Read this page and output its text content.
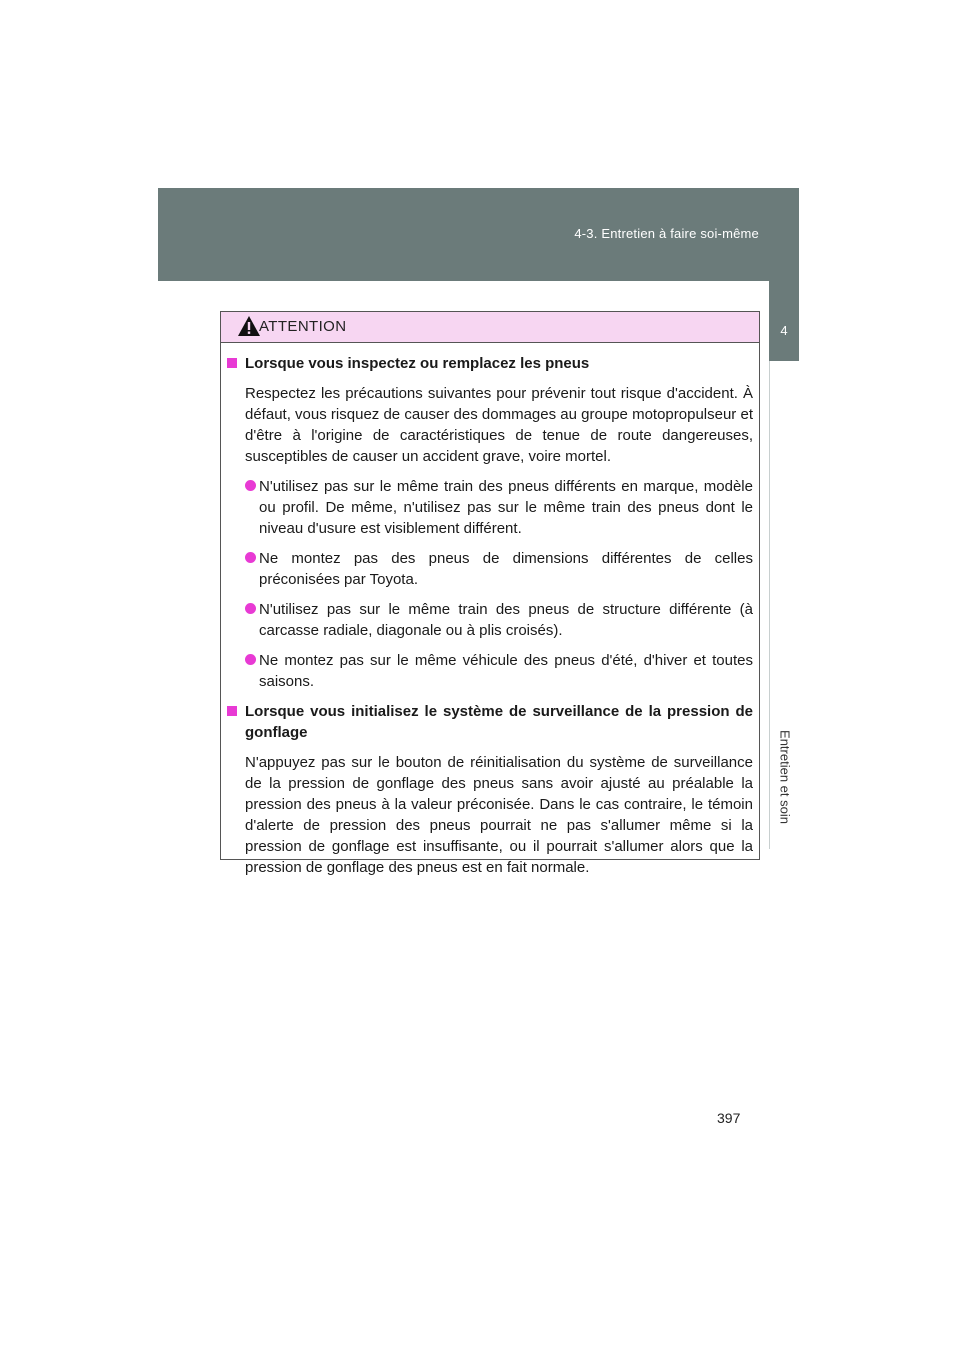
4-3. Entretien à faire soi-même
4
Entretien et soin
ATTENTION
Lorsque vous inspectez ou remplacez les pneus
Respectez les précautions suivantes pour prévenir tout risque d'accident. À défaut, vous risquez de causer des dommages au groupe motopropulseur et d'être à l'origine de caractéristiques de tenue de route dangereuses, susceptibles de causer un accident grave, voire mortel.
N'utilisez pas sur le même train des pneus différents en marque, modèle ou profil. De même, n'utilisez pas sur le même train des pneus dont le niveau d'usure est visiblement différent.
Ne montez pas des pneus de dimensions différentes de celles préconisées par Toyota.
N'utilisez pas sur le même train des pneus de structure différente (à carcasse radiale, diagonale ou à plis croisés).
Ne montez pas sur le même véhicule des pneus d'été, d'hiver et toutes saisons.
Lorsque vous initialisez le système de surveillance de la pression de gonflage
N'appuyez pas sur le bouton de réinitialisation du système de surveillance de la pression de gonflage des pneus sans avoir ajusté au préalable la pression des pneus à la valeur préconisée. Dans le cas contraire, le témoin d'alerte de pression des pneus pourrait ne pas s'allumer même si la pression de gonflage est insuffisante, ou il pourrait s'allumer alors que la pression de gonflage des pneus est en fait normale.
397
